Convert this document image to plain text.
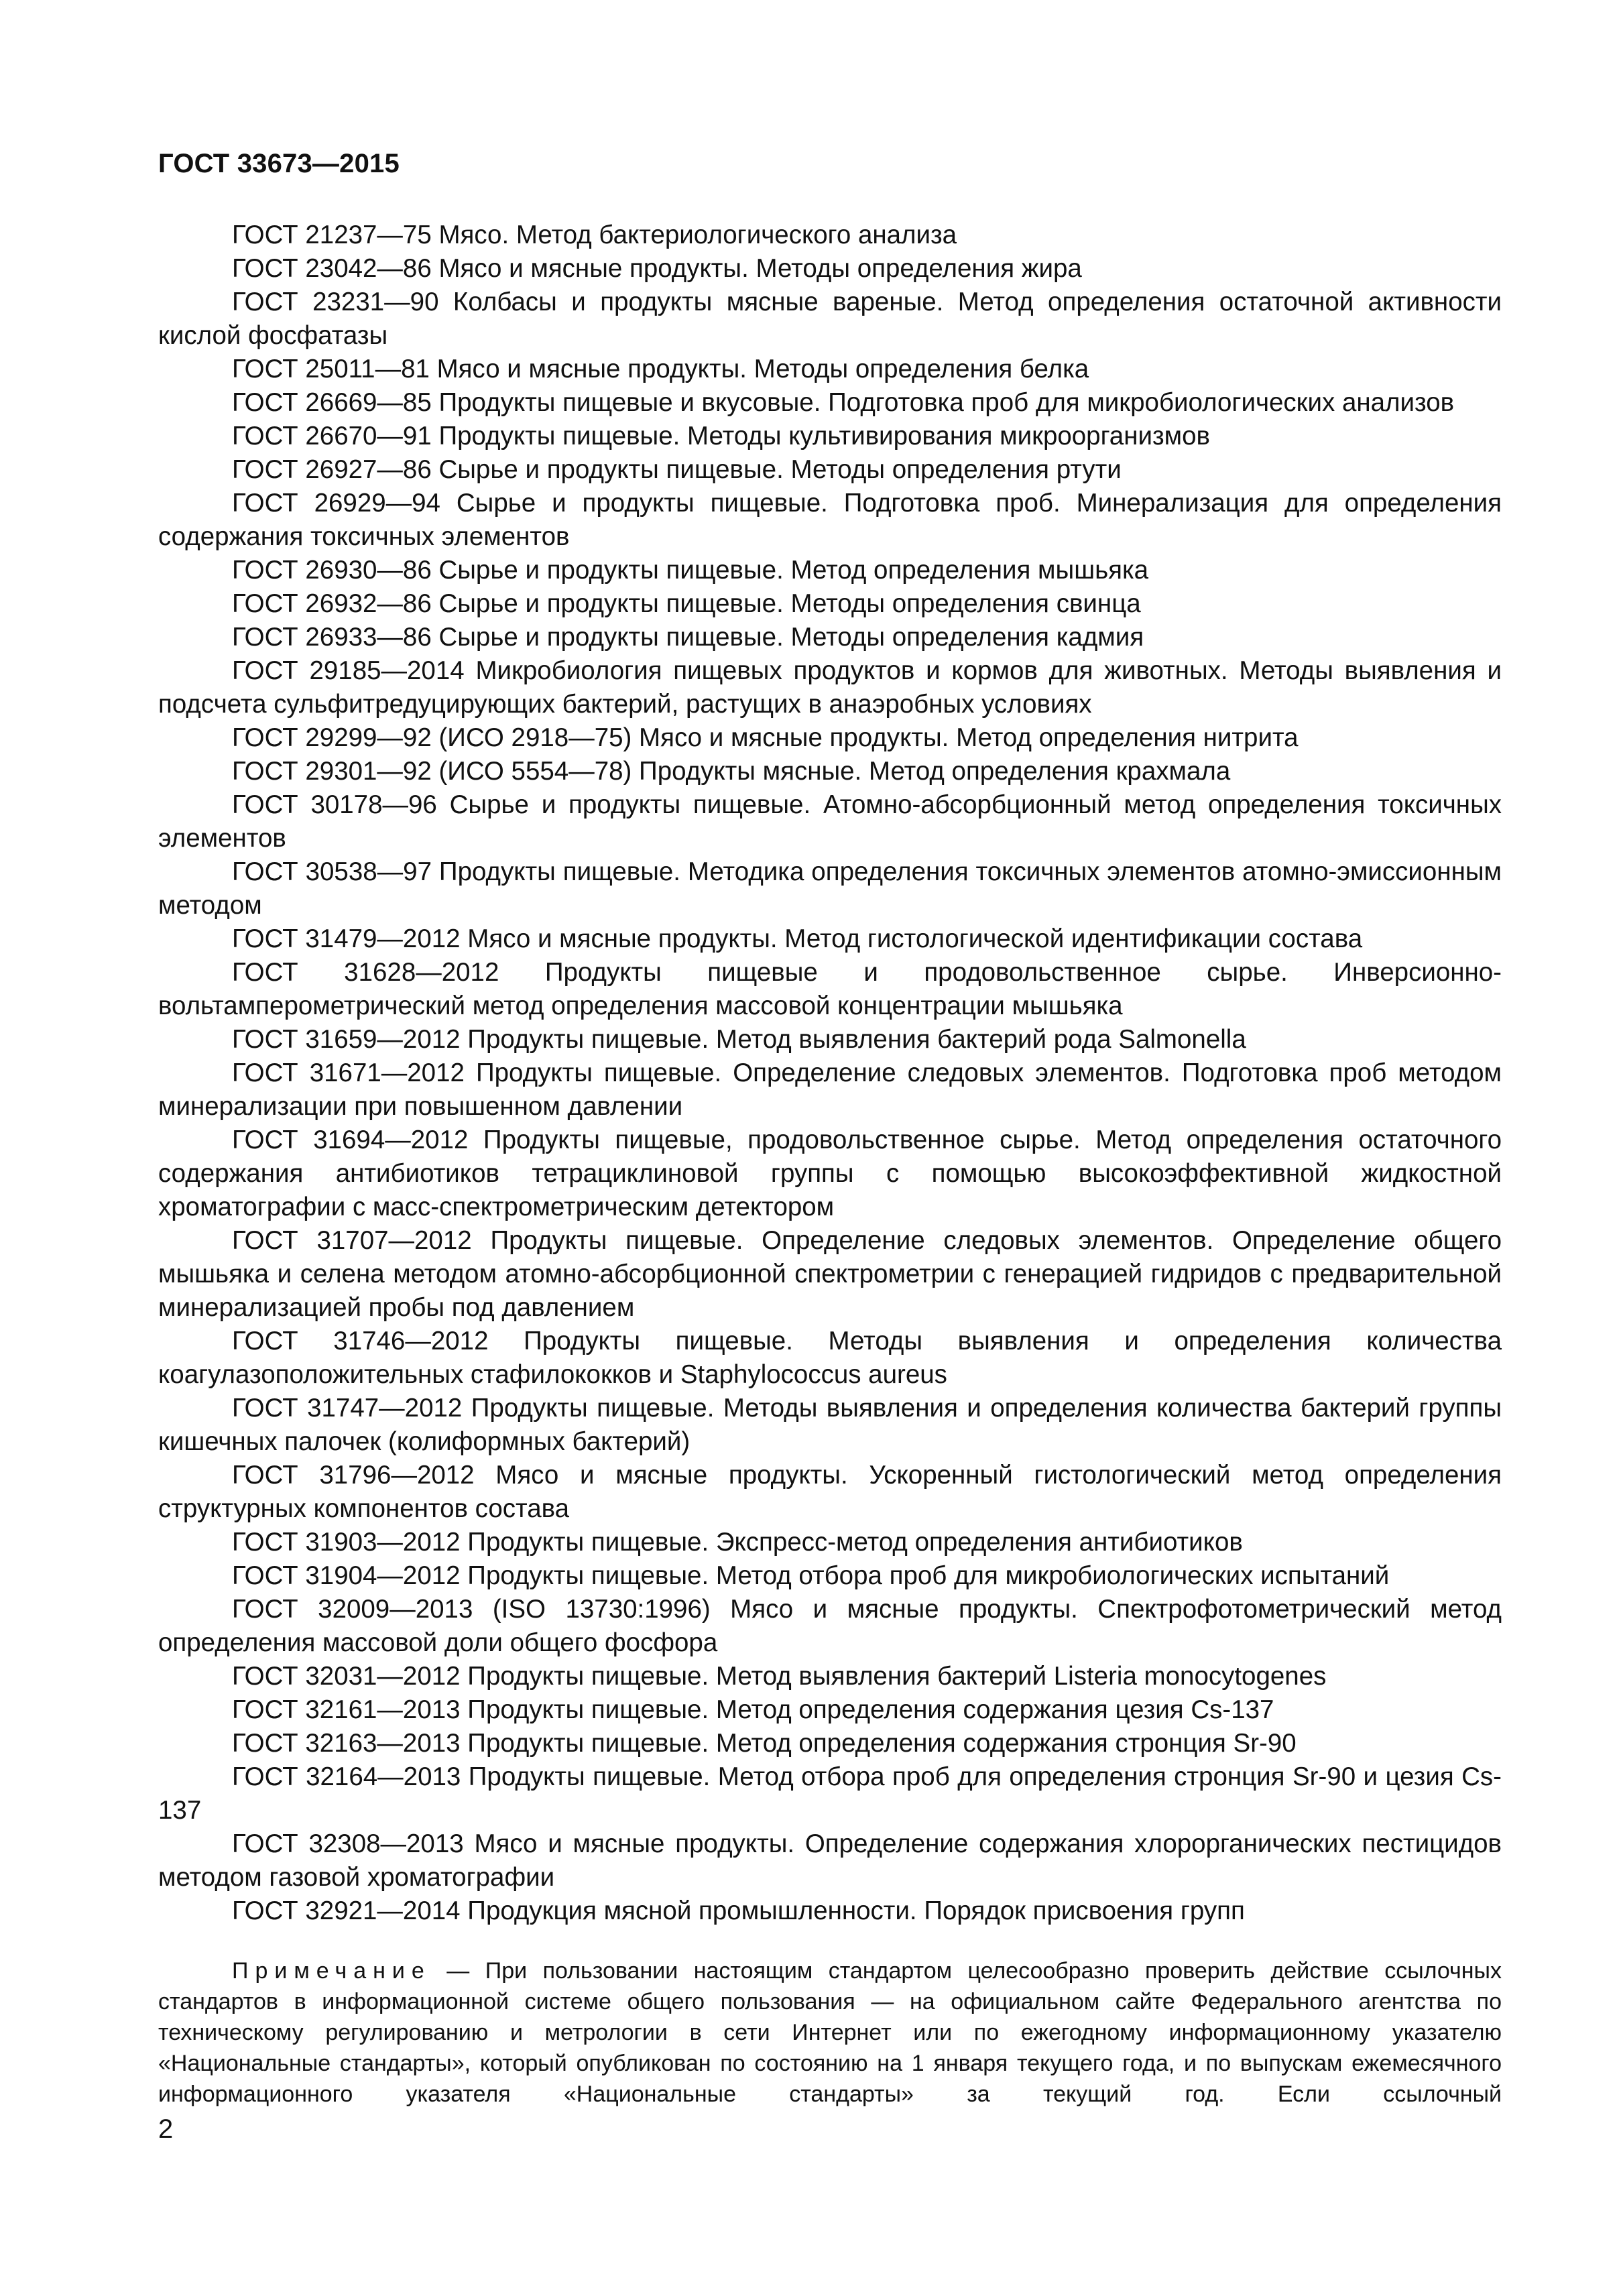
ГОСТ 33673—2015

ГОСТ 21237—75 Мясо. Метод бактериологического анализа

ГОСТ 23042—86 Мясо и мясные продукты. Методы определения жира

ГОСТ 23231—90 Колбасы и продукты мясные вареные. Метод определения остаточной активности кислой фосфатазы

ГОСТ 25011—81 Мясо и мясные продукты. Методы определения белка

ГОСТ 26669—85 Продукты пищевые и вкусовые. Подготовка проб для микробиологических анализов

ГОСТ 26670—91 Продукты пищевые. Методы культивирования микроорганизмов

ГОСТ 26927—86 Сырье и продукты пищевые. Методы определения ртути

ГОСТ 26929—94 Сырье и продукты пищевые. Подготовка проб. Минерализация для определения содержания токсичных элементов

ГОСТ 26930—86 Сырье и продукты пищевые. Метод определения мышьяка

ГОСТ 26932—86 Сырье и продукты пищевые. Методы определения свинца

ГОСТ 26933—86 Сырье и продукты пищевые. Методы определения кадмия

ГОСТ 29185—2014 Микробиология пищевых продуктов и кормов для животных. Методы выявления и подсчета сульфитредуцирующих бактерий, растущих в анаэробных условиях

ГОСТ 29299—92 (ИСО 2918—75) Мясо и мясные продукты. Метод определения нитрита

ГОСТ 29301—92 (ИСО 5554—78) Продукты мясные. Метод определения крахмала

ГОСТ 30178—96 Сырье и продукты пищевые. Атомно-абсорбционный метод определения токсичных элементов

ГОСТ 30538—97 Продукты пищевые. Методика определения токсичных элементов атомно-эмиссионным методом

ГОСТ 31479—2012 Мясо и мясные продукты. Метод гистологической идентификации состава

ГОСТ 31628—2012 Продукты пищевые и продовольственное сырье. Инверсионно-вольтамперометрический метод определения массовой концентрации мышьяка

ГОСТ 31659—2012 Продукты пищевые. Метод выявления бактерий рода Salmonella

ГОСТ 31671—2012 Продукты пищевые. Определение следовых элементов. Подготовка проб методом минерализации при повышенном давлении

ГОСТ 31694—2012 Продукты пищевые, продовольственное сырье. Метод определения остаточного содержания антибиотиков тетрациклиновой группы с помощью высокоэффективной жидкостной хроматографии с масс-спектрометрическим детектором

ГОСТ 31707—2012 Продукты пищевые. Определение следовых элементов. Определение общего мышьяка и селена методом атомно-абсорбционной спектрометрии с генерацией гидридов с предварительной минерализацией пробы под давлением

ГОСТ 31746—2012 Продукты пищевые. Методы выявления и определения количества коагулазоположительных стафилококков и Staphylococcus aureus

ГОСТ 31747—2012 Продукты пищевые. Методы выявления и определения количества бактерий группы кишечных палочек (колиформных бактерий)

ГОСТ 31796—2012 Мясо и мясные продукты. Ускоренный гистологический метод определения структурных компонентов состава

ГОСТ 31903—2012 Продукты пищевые. Экспресс-метод определения антибиотиков

ГОСТ 31904—2012 Продукты пищевые. Метод отбора проб для микробиологических испытаний

ГОСТ 32009—2013 (ISO 13730:1996) Мясо и мясные продукты. Спектрофотометрический метод определения массовой доли общего фосфора

ГОСТ 32031—2012 Продукты пищевые. Метод выявления бактерий Listeria monocytogenes

ГОСТ 32161—2013 Продукты пищевые. Метод определения содержания цезия Cs-137

ГОСТ 32163—2013 Продукты пищевые. Метод определения содержания стронция Sr-90

ГОСТ 32164—2013 Продукты пищевые. Метод отбора проб для определения стронция Sr-90 и цезия Cs-137

ГОСТ 32308—2013 Мясо и мясные продукты. Определение содержания хлорорганических пестицидов методом газовой хроматографии

ГОСТ 32921—2014 Продукция мясной промышленности. Порядок присвоения групп

Примечание — При пользовании настоящим стандартом целесообразно проверить действие ссылочных стандартов в информационной системе общего пользования — на официальном сайте Федерального агентства по техническому регулированию и метрологии в сети Интернет или по ежегодному информационному указателю «Национальные стандарты», который опубликован по состоянию на 1 января текущего года, и по выпускам ежемесячного информационного указателя «Национальные стандарты» за текущий год. Если ссылочный
2
